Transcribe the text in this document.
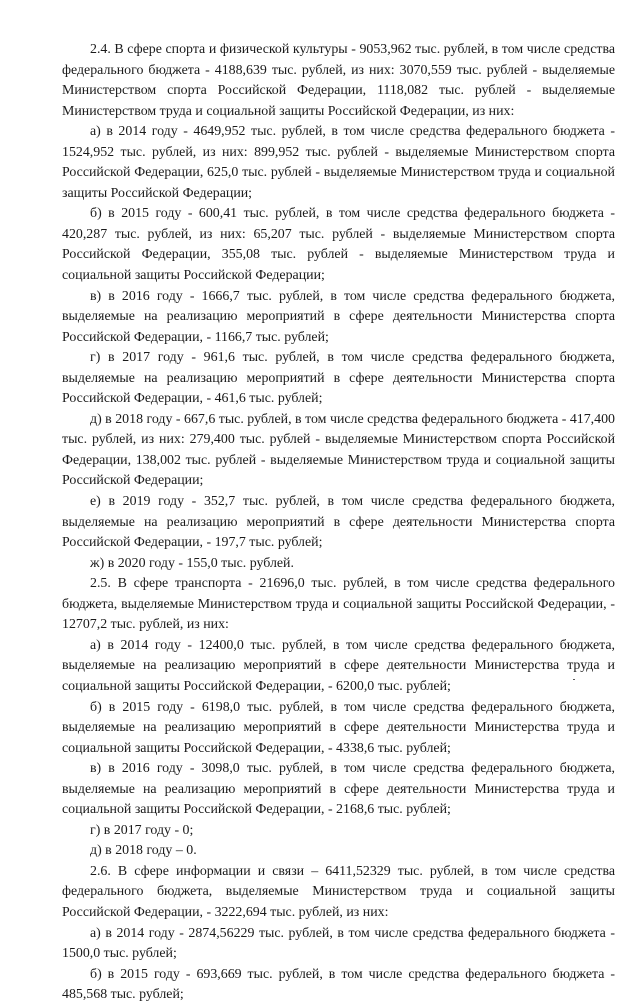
2.4. В сфере спорта и физической культуры - 9053,962 тыс. рублей, в том числе средства федерального бюджета - 4188,639 тыс. рублей, из них: 3070,559 тыс. рублей - выделяемые Министерством спорта Российской Федерации, 1118,082 тыс. рублей - выделяемые Министерством труда и социальной защиты Российской Федерации, из них:

а) в 2014 году - 4649,952 тыс. рублей, в том числе средства федерального бюджета - 1524,952 тыс. рублей, из них: 899,952 тыс. рублей - выделяемые Министерством спорта Российской Федерации, 625,0 тыс. рублей - выделяемые Министерством труда и социальной защиты Российской Федерации;

б) в 2015 году - 600,41 тыс. рублей, в том числе средства федерального бюджета - 420,287 тыс. рублей, из них: 65,207 тыс. рублей - выделяемые Министерством спорта Российской Федерации, 355,08 тыс. рублей - выделяемые Министерством труда и социальной защиты Российской Федерации;

в) в 2016 году - 1666,7 тыс. рублей, в том числе средства федерального бюджета, выделяемые на реализацию мероприятий в сфере деятельности Министерства спорта Российской Федерации, - 1166,7 тыс. рублей;

г) в 2017 году - 961,6 тыс. рублей, в том числе средства федерального бюджета, выделяемые на реализацию мероприятий в сфере деятельности Министерства спорта Российской Федерации, - 461,6 тыс. рублей;

д) в 2018 году - 667,6 тыс. рублей, в том числе средства федерального бюджета - 417,400 тыс. рублей, из них: 279,400 тыс. рублей - выделяемые Министерством спорта Российской Федерации, 138,002 тыс. рублей - выделяемые Министерством труда и социальной защиты Российской Федерации;

е) в 2019 году - 352,7 тыс. рублей, в том числе средства федерального бюджета, выделяемые на реализацию мероприятий в сфере деятельности Министерства спорта Российской Федерации, - 197,7 тыс. рублей;

ж) в 2020 году - 155,0 тыс. рублей.

2.5. В сфере транспорта - 21696,0 тыс. рублей, в том числе средства федерального бюджета, выделяемые Министерством труда и социальной защиты Российской Федерации, - 12707,2 тыс. рублей, из них:

а) в 2014 году - 12400,0 тыс. рублей, в том числе средства федерального бюджета, выделяемые на реализацию мероприятий в сфере деятельности Министерства труда и социальной защиты Российской Федерации, - 6200,0 тыс. рублей;

б) в 2015 году - 6198,0 тыс. рублей, в том числе средства федерального бюджета, выделяемые на реализацию мероприятий в сфере деятельности Министерства труда и социальной защиты Российской Федерации, - 4338,6 тыс. рублей;

в) в 2016 году - 3098,0 тыс. рублей, в том числе средства федерального бюджета, выделяемые на реализацию мероприятий в сфере деятельности Министерства труда и социальной защиты Российской Федерации, - 2168,6 тыс. рублей;

г) в 2017 году - 0;

д) в 2018 году – 0.

2.6. В сфере информации и связи – 6411,52329 тыс. рублей, в том числе средства федерального бюджета, выделяемые Министерством труда и социальной защиты Российской Федерации, - 3222,694 тыс. рублей, из них:

а) в 2014 году - 2874,56229 тыс. рублей, в том числе средства федерального бюджета - 1500,0 тыс. рублей;

б) в 2015 году - 693,669 тыс. рублей, в том числе средства федерального бюджета - 485,568 тыс. рублей;
